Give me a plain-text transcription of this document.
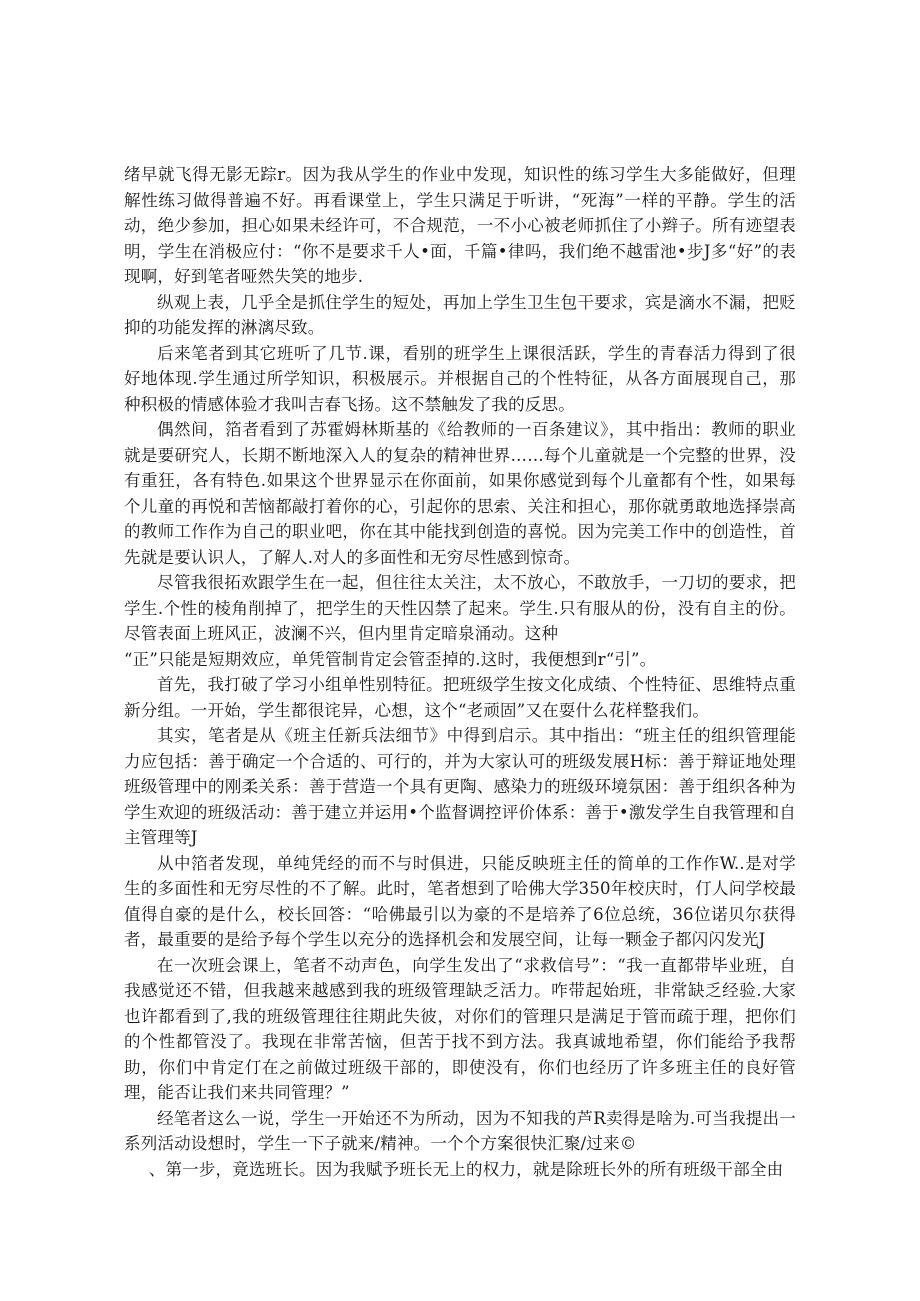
绪早就飞得无影无踪r。因为我从学生的作业中发现，知识性的练习学生大多能做好，但理解性练习做得普遍不好。再看课堂上，学生只满足于听讲，“死海”一样的平静。学生的活动，绝少参加，担心如果未经许可，不合规范，一不小心被老师抓住了小辫子。所有迹望表明，学生在消极应付：“你不是要求千人•面，千篇•律吗，我们绝不越雷池•步J多“好”的表现啊，好到笔者哑然失笑的地步.

纵观上表，几乎全是抓住学生的短处，再加上学生卫生包干要求，宾是滴水不漏，把贬抑的功能发挥的淋漓尽致。

后来笔者到其它班听了几节.课，看别的班学生上课很活跃，学生的青春活力得到了很好地体现.学生通过所学知识，积极展示。并根据自己的个性特征，从各方面展现自己，那种积极的情感体验才我叫吉春飞扬。这不禁触发了我的反思。

偶然间，箔者看到了苏霍姆林斯基的《给教师的一百条建议》，其中指出：教师的职业就是要研究人，长期不断地深入人的复杂的精神世界……每个儿童就是一个完整的世界，没有重狂，各有特色.如果这个世界显示在你面前，如果你感觉到每个儿童都有个性，如果每个儿童的再悦和苦恼都敲打着你的心，引起你的思索、关注和担心，那你就勇敢地选择崇高的教师工作作为自己的职业吧，你在其中能找到创造的喜悦。因为完美工作中的创造性，首先就是要认识人，了解人.对人的多面性和无穷尽性感到惊奇。

尽管我很拓欢跟学生在一起，但往往太关注，太不放心，不敢放手，一刀切的要求，把学生.个性的棱角削掉了，把学生的天性囚禁了起来。学生.只有服从的份，没有自主的份。尽管表面上班风正，波澜不兴，但内里肯定暗泉涌动。这种

“正”只能是短期效应，单凭管制肯定会管歪掉的.这时，我便想到r“引”。

首先，我打破了学习小组单性别特征。把班级学生按文化成绩、个性特征、思维特点重新分组。一开始，学生都很诧异，心想，这个“老顽固”又在耍什么花样整我们。

其实，笔者是从《班主任新兵法细节》中得到启示。其中指出：“班主任的组织管理能力应包括：善于确定一个合适的、可行的，并为大家认可的班级发展H标：善于辩证地处理班级管理中的刚柔关系：善于营造一个具有更陶、感染力的班级环境氛困：善于组织各种为学生欢迎的班级活动：善于建立并运用•个监督调控评价体系：善于•激发学生自我管理和自主管理等J

从中箔者发现，单纯凭经的而不与时俱进，只能反映班主任的简单的工作作W..是对学生的多面性和无穷尽性的不了解。此时，笔者想到了哈佛大学350年校庆时，仃人问学校最值得自豪的是什么，校长回答：“哈佛最引以为豪的不是培养了6位总统，36位诺贝尔获得者，最重要的是给予每个学生以充分的选择机会和发展空间，让每一颗金子都闪闪发光J

在一次班会课上，笔者不动声色，向学生发出了“求救信号”：“我一直都带毕业班，自我感觉还不错，但我越来越感到我的班级管理缺乏活力。咋带起始班，非常缺乏经验.大家也许都看到了,我的班级管理往往期此失彼，对你们的管理只是满足于管而疏于理，把你们的个性都管没了。我现在非常苦恼，但苦于找不到方法。我真诚地希望，你们能给予我帮助，你们中肯定仃在之前做过班级干部的，即使没有，你们也经历了许多班主任的良好管理，能否让我们来共同管理？”

经笔者这么一说，学生一开始还不为所动，因为不知我的芦R卖得是啥为.可当我提出一系列活动设想时，学生一下子就来/精神。一个个方案很快汇聚/过来©

、第一步，竟选班长。因为我赋予班长无上的权力，就是除班长外的所有班级干部全由
